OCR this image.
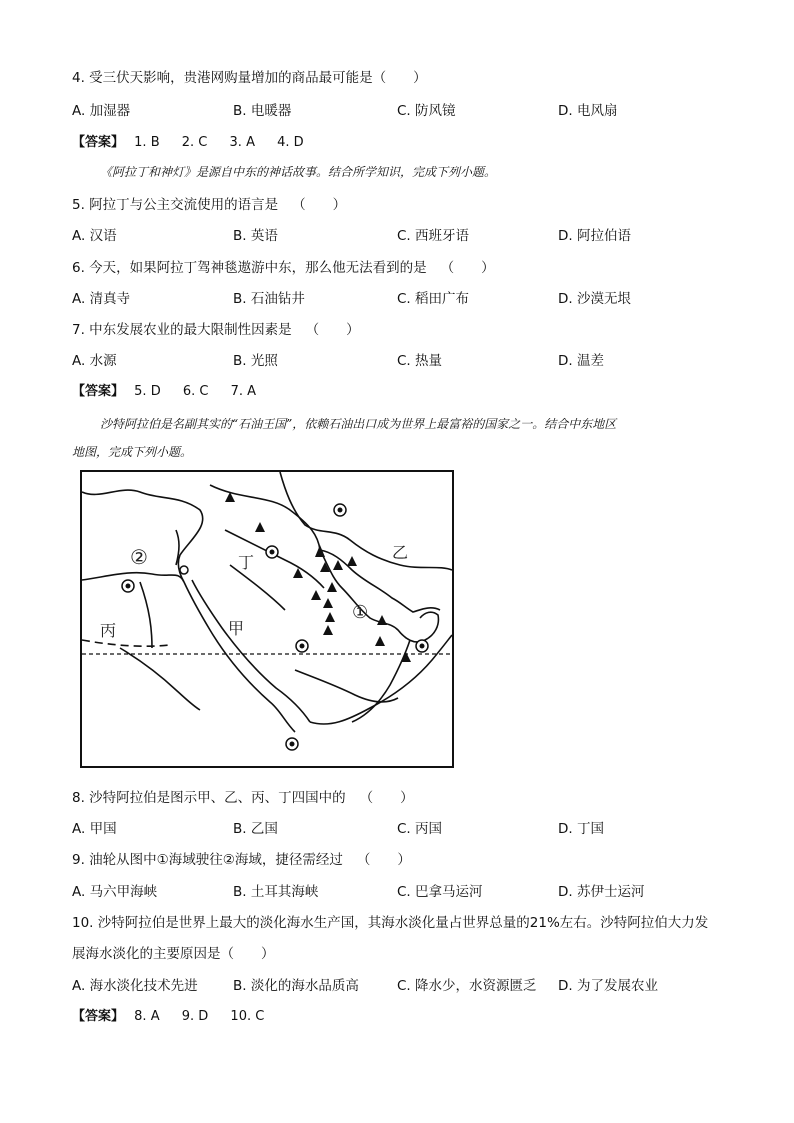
4. 受三伏天影响，贵港网购量增加的商品最可能是（　　）
A. 加湿器	B. 电暖器	C. 防风镜	D. 电风扇
【答案】 1. B 2. C 3. A 4. D
《阿拉丁和神灯》是源自中东的神话故事。结合所学知识，完成下列小题。
5. 阿拉丁与公主交流使用的语言是 （　　）
A. 汉语	B. 英语	C. 西班牙语	D. 阿拉伯语
6. 今天，如果阿拉丁驾神毯遨游中东，那么他无法看到的是 （　　）
A. 清真寺	B. 石油钻井	C. 稻田广布	D. 沙漠无垠
7. 中东发展农业的最大限制性因素是 （　　）
A. 水源	B. 光照	C. 热量	D. 温差
【答案】 5. D 6. C 7. A
沙特阿拉伯是名副其实的“石油王国”，依赖石油出口成为世界上最富裕的国家之一。结合中东地区
地图，完成下列小题。
甲
乙
丙
丁
①
②
8. 沙特阿拉伯是图示甲、乙、丙、丁四国中的 （　　）
A. 甲国	B. 乙国	C. 丙国	D. 丁国
9. 油轮从图中①海域驶往②海域，捷径需经过 （　　）
A. 马六甲海峡	B. 土耳其海峡	C. 巴拿马运河	D. 苏伊士运河
10. 沙特阿拉伯是世界上最大的淡化海水生产国，其海水淡化量占世界总量的21%左右。沙特阿拉伯大力发
展海水淡化的主要原因是（　　）
A. 海水淡化技术先进	B. 淡化的海水品质高	C. 降水少，水资源匮乏 D. 为了发展农业
【答案】 8. A 9. D 10. C
